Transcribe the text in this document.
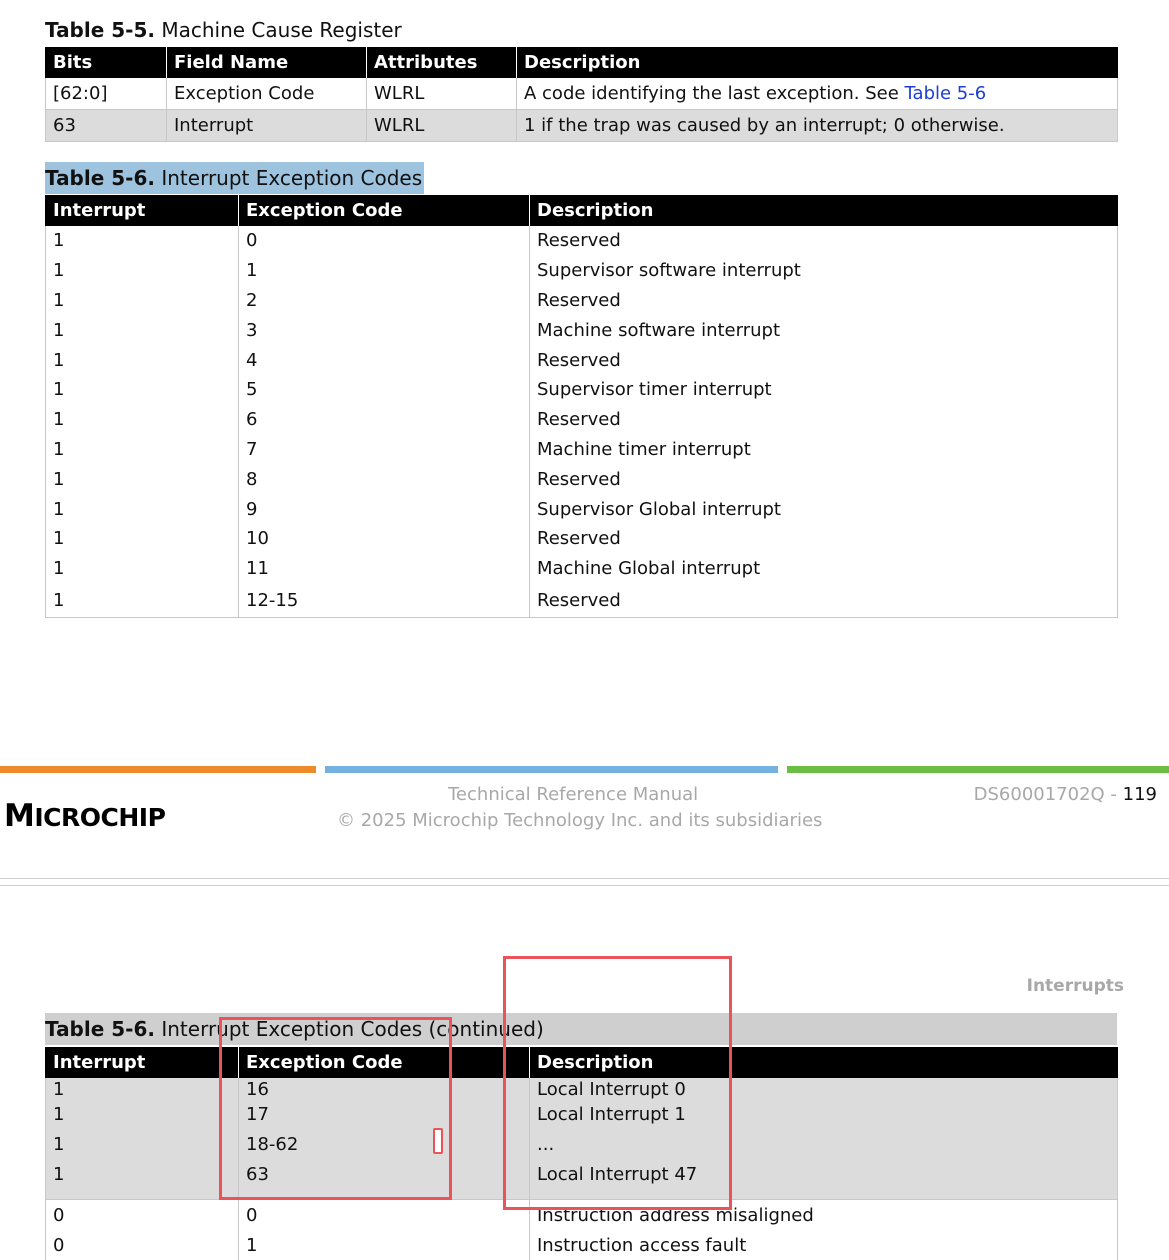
Table 5-5. Machine Cause Register
Bits	Field Name	Attributes	Description
[62:0]	Exception Code	WLRL	A code identifying the last exception. See Table 5-6
63	Interrupt	WLRL	1 if the trap was caused by an interrupt; 0 otherwise.
Table 5-6. Interrupt Exception Codes
Interrupt	Exception Code	Description
1	0	Reserved
1	1	Supervisor software interrupt
1	2	Reserved
1	3	Machine software interrupt
1	4	Reserved
1	5	Supervisor timer interrupt
1	6	Reserved
1	7	Machine timer interrupt
1	8	Reserved
1	9	Supervisor Global interrupt
1	10	Reserved
1	11	Machine Global interrupt
1	12-15	Reserved
MICROCHIP
Technical Reference Manual
© 2025 Microchip Technology Inc. and its subsidiaries
DS60001702Q - 119
Interrupts
Table 5-6. Interrupt Exception Codes (continued)
Interrupt	Exception Code	Description
1	16	Local Interrupt 0
1	17	Local Interrupt 1
1	18-62	...
1	63	Local Interrupt 47
0	0	Instruction address misaligned
0	1	Instruction access fault
